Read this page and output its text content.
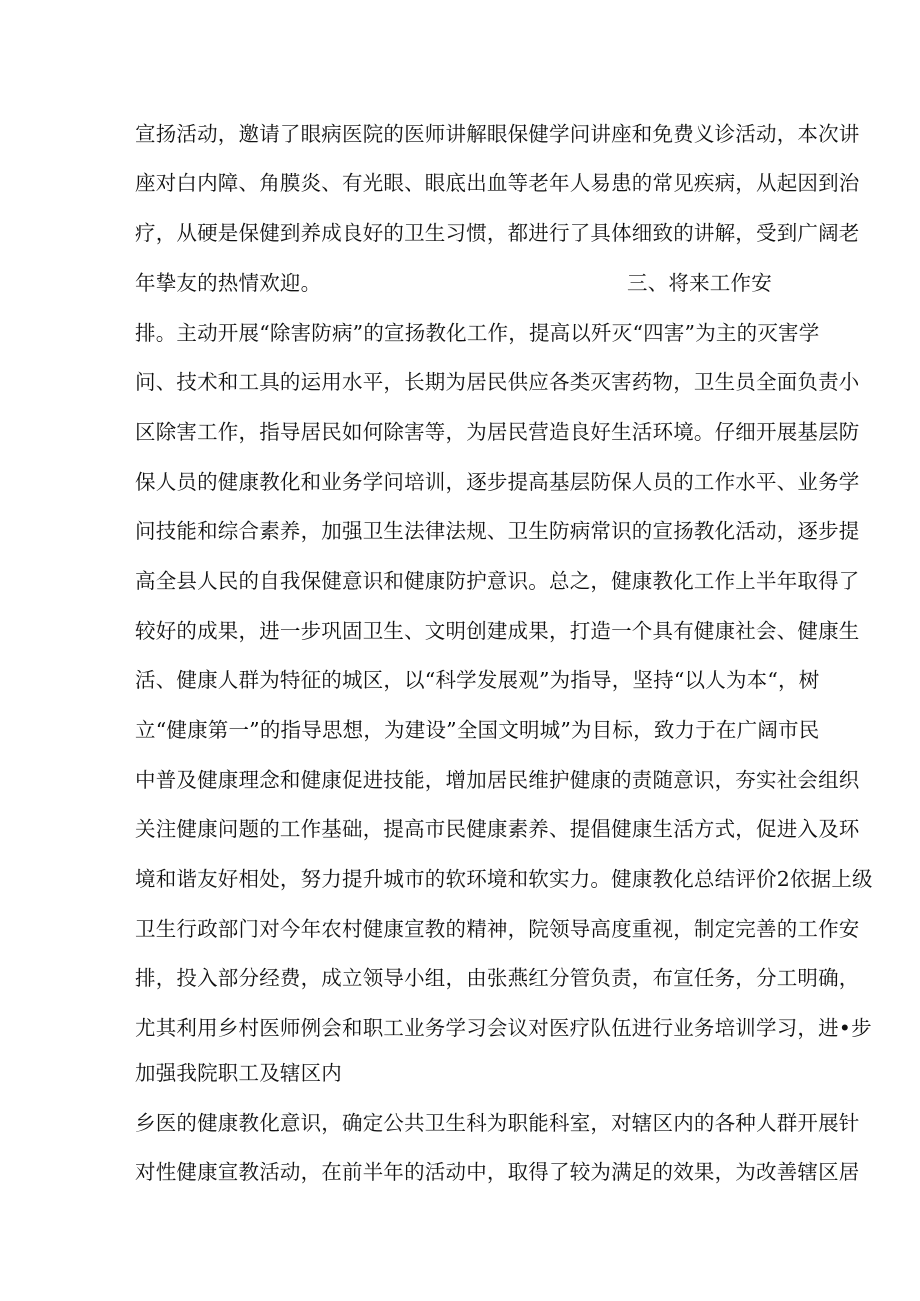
宣扬活动，邀请了眼病医院的医师讲解眼保健学问讲座和免费义诊活动，本次讲
座对白内障、角膜炎、有光眼、眼底出血等老年人易患的常见疾病，从起因到治
疗，从硬是保健到养成良好的卫生习惯，都进行了具体细致的讲解，受到广阔老
年挚友的热情欢迎。	三、将来工作安
排。主动开展“除害防病”的宣扬教化工作，提高以歼灭“四害”为主的灭害学
问、技术和工具的运用水平，长期为居民供应各类灭害药物，卫生员全面负责小
区除害工作，指导居民如何除害等，为居民营造良好生活环境。仔细开展基层防
保人员的健康教化和业务学问培训，逐步提高基层防保人员的工作水平、业务学
问技能和综合素养，加强卫生法律法规、卫生防病常识的宣扬教化活动，逐步提
高全县人民的自我保健意识和健康防护意识。总之，健康教化工作上半年取得了
较好的成果，进一步巩固卫生、文明创建成果，打造一个具有健康社会、健康生
活、健康人群为特征的城区，以“科学发展观”为指导，坚持“以人为本“，树
立“健康第一”的指导思想，为建设”全国文明城”为目标，致力于在广阔市民
中普及健康理念和健康促进技能，增加居民维护健康的责随意识，夯实社会组织
关注健康问题的工作基础，提高市民健康素养、提倡健康生活方式，促进入及环
境和谐友好相处，努力提升城市的软环境和软实力。健康教化总结评价2依据上级
卫生行政部门对今年农村健康宣教的精神，院领导高度重视，制定完善的工作安
排，投入部分经费，成立领导小组，由张燕红分管负责，布宣任务，分工明确，
尤其利用乡村医师例会和职工业务学习会议对医疗队伍进行业务培训学习，进•步
加强我院职工及辖区内
乡医的健康教化意识，确定公共卫生科为职能科室，对辖区内的各种人群开展针
对性健康宣教活动，在前半年的活动中，取得了较为满足的效果，为改善辖区居
